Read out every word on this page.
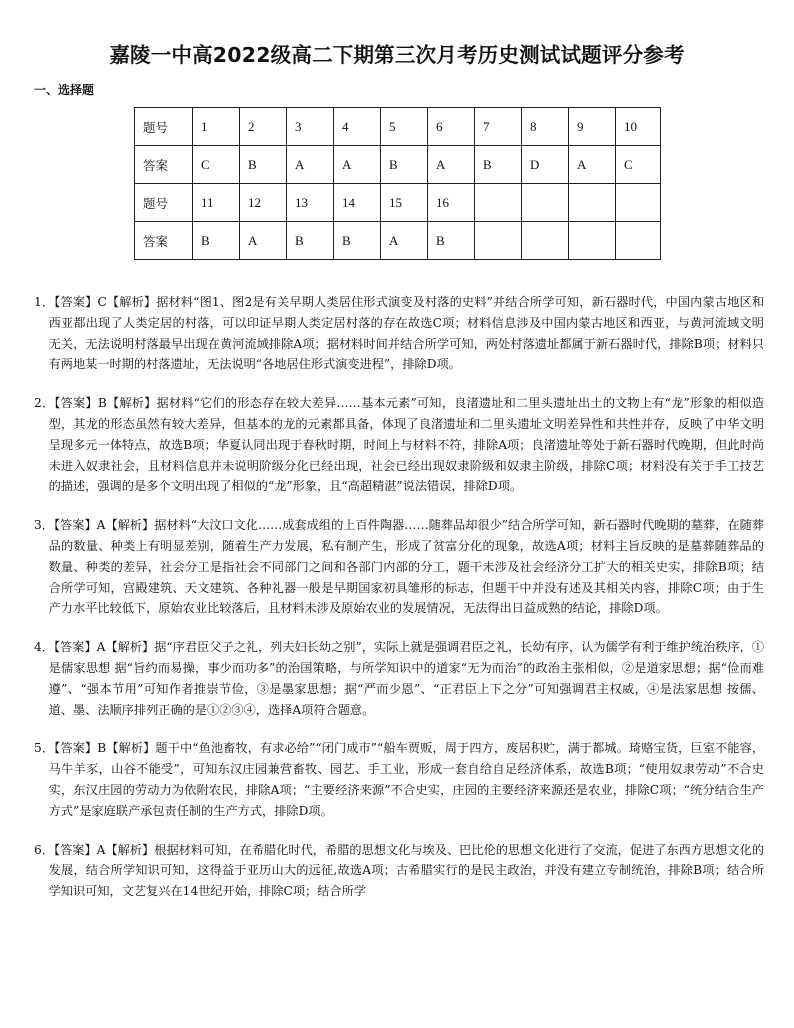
嘉陵一中高2022级高二下期第三次月考历史测试试题评分参考
一、选择题
题号	1	2	3	4	5	6	7	8	9	10
答案	C	B	A	A	B	A	B	D	A	C
题号	11	12	13	14	15	16				
答案	B	A	B	B	A	B				
1．【答案】C【解析】据材料“图1、图2是有关早期人类居住形式演变及村落的史料”并结合所学可知，新石器时代，中国内蒙古地区和西亚都出现了人类定居的村落，可以印证早期人类定居村落的存在故选C项；材料信息涉及中国内蒙古地区和西亚，与黄河流域文明无关，无法说明村落最早出现在黄河流域排除A项；据材料时间并结合所学可知，两处村落遗址都属于新石器时代，排除B项；材料只有两地某一时期的村落遗址，无法说明“各地居住形式演变进程”，排除D项。
2．【答案】B【解析】据材料“它们的形态存在较大差异……基本元素”可知，良渚遗址和二里头遗址出土的文物上有“龙”形象的相似造型，其龙的形态虽然有较大差异，但基本的龙的元素都具备，体现了良渚遗址和二里头遗址文明差异性和共性并存，反映了中华文明呈现多元一体特点，故选B项；华夏认同出现于春秋时期，时间上与材料不符，排除A项；良渚遗址等处于新石器时代晚期，但此时尚未进入奴隶社会，且材料信息并未说明阶级分化已经出现，社会已经出现奴隶阶级和奴隶主阶级，排除C项；材料没有关于手工技艺的描述，强调的是多个文明出现了相似的“龙”形象，且“高超精湛”说法错误，排除D项。
3．【答案】A【解析】据材料“大汶口文化……成套成组的上百件陶器……随葬品却很少”结合所学可知，新石器时代晚期的墓葬，在随葬品的数量、种类上有明显差别，随着生产力发展，私有制产生，形成了贫富分化的现象，故选A项；材料主旨反映的是墓葬随葬品的数量、种类的差异，社会分工是指社会不同部门之间和各部门内部的分工，题干未涉及社会经济分工扩大的相关史实，排除B项；结合所学可知，宫殿建筑、天文建筑、各种礼器一般是早期国家初具雏形的标志，但题干中并没有述及其相关内容，排除C项；由于生产力水平比较低下，原始农业比较落后，且材料未涉及原始农业的发展情况，无法得出日益成熟的结论，排除D项。
4．【答案】A【解析】据“序君臣父子之礼，列夫妇长幼之别”，实际上就是强调君臣之礼，长幼有序，认为儒学有利于维护统治秩序，①是儒家思想 据“旨约而易操，事少而功多”的治国策略，与所学知识中的道家“无为而治”的政治主张相似，②是道家思想；据“俭而难遵”、“强本节用”可知作者推崇节俭，③是墨家思想；据“严而少恩”、“正君臣上下之分”可知强调君主权威，④是法家思想 按儒、道、墨、法顺序排列正确的是①②③④，选择A项符合题意。
5．【答案】B【解析】题干中“鱼池畜牧，有求必给”“闭门成市”“船车贾贩，周于四方，废居积贮，满于都城。琦赂宝货，巨室不能容，马牛羊豕，山谷不能受”，可知东汉庄园兼营畜牧、园艺、手工业，形成一套自给自足经济体系，故选B项；“使用奴隶劳动”不合史实，东汉庄园的劳动力为依附农民，排除A项；“主要经济来源”不合史实，庄园的主要经济来源还是农业，排除C项；“统分结合生产方式”是家庭联产承包责任制的生产方式，排除D项。
6．【答案】A【解析】根据材料可知，在希腊化时代，希腊的思想文化与埃及、巴比伦的思想文化进行了交流，促进了东西方思想文化的发展，结合所学知识可知，这得益于亚历山大的远征,故选A项；古希腊实行的是民主政治，并没有建立专制统治，排除B项；结合所学知识可知，文艺复兴在14世纪开始，排除C项；结合所学
